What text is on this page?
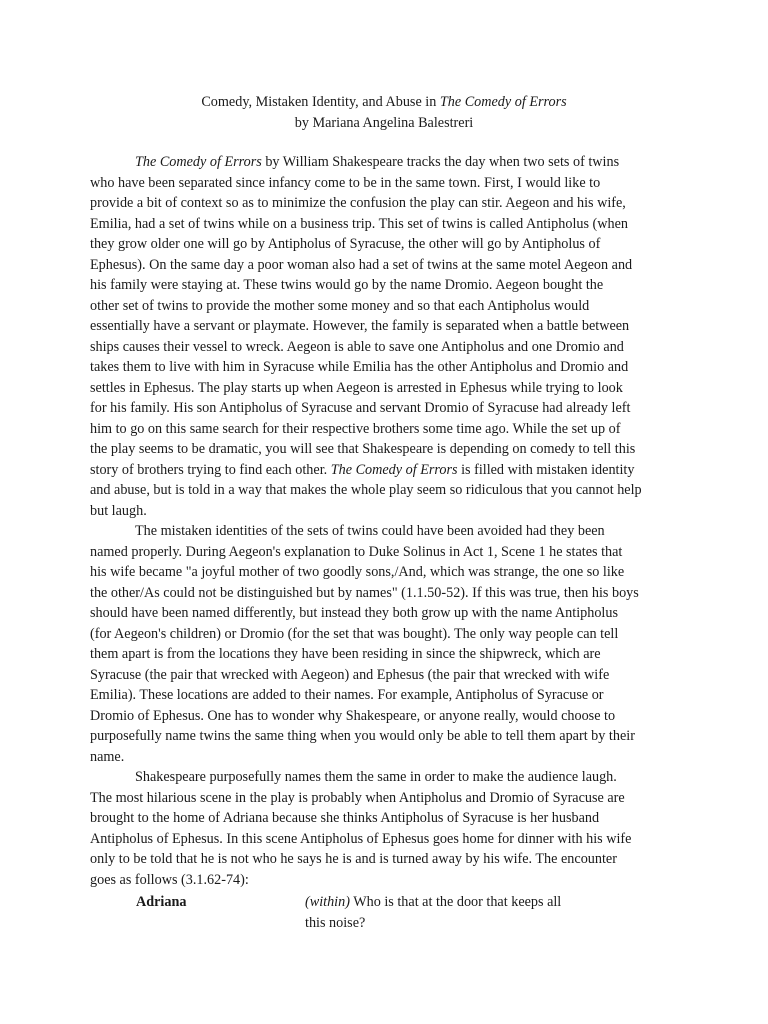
Comedy, Mistaken Identity, and Abuse in The Comedy of Errors
by Mariana Angelina Balestreri
The Comedy of Errors by William Shakespeare tracks the day when two sets of twins
who have been separated since infancy come to be in the same town. First, I would like to
provide a bit of context so as to minimize the confusion the play can stir. Aegeon and his wife,
Emilia, had a set of twins while on a business trip. This set of twins is called Antipholus (when
they grow older one will go by Antipholus of Syracuse, the other will go by Antipholus of
Ephesus). On the same day a poor woman also had a set of twins at the same motel Aegeon and
his family were staying at. These twins would go by the name Dromio. Aegeon bought the
other set of twins to provide the mother some money and so that each Antipholus would
essentially have a servant or playmate. However, the family is separated when a battle between
ships causes their vessel to wreck. Aegeon is able to save one Antipholus and one Dromio and
takes them to live with him in Syracuse while Emilia has the other Antipholus and Dromio and
settles in Ephesus. The play starts up when Aegeon is arrested in Ephesus while trying to look
for his family. His son Antipholus of Syracuse and servant Dromio of Syracuse had already left
him to go on this same search for their respective brothers some time ago. While the set up of
the play seems to be dramatic, you will see that Shakespeare is depending on comedy to tell this
story of brothers trying to find each other. The Comedy of Errors is filled with mistaken identity
and abuse, but is told in a way that makes the whole play seem so ridiculous that you cannot help
but laugh.
The mistaken identities of the sets of twins could have been avoided had they been
named properly. During Aegeon's explanation to Duke Solinus in Act 1, Scene 1 he states that
his wife became "a joyful mother of two goodly sons,/And, which was strange, the one so like
the other/As could not be distinguished but by names" (1.1.50-52). If this was true, then his boys
should have been named differently, but instead they both grow up with the name Antipholus
(for Aegeon's children) or Dromio (for the set that was bought). The only way people can tell
them apart is from the locations they have been residing in since the shipwreck, which are
Syracuse (the pair that wrecked with Aegeon) and Ephesus (the pair that wrecked with wife
Emilia). These locations are added to their names. For example, Antipholus of Syracuse or
Dromio of Ephesus. One has to wonder why Shakespeare, or anyone really, would choose to
purposefully name twins the same thing when you would only be able to tell them apart by their
name.
Shakespeare purposefully names them the same in order to make the audience laugh.
The most hilarious scene in the play is probably when Antipholus and Dromio of Syracuse are
brought to the home of Adriana because she thinks Antipholus of Syracuse is her husband
Antipholus of Ephesus. In this scene Antipholus of Ephesus goes home for dinner with his wife
only to be told that he is not who he says he is and is turned away by his wife. The encounter
goes as follows (3.1.62-74):
Adriana	(within) Who is that at the door that keeps all
this noise?
